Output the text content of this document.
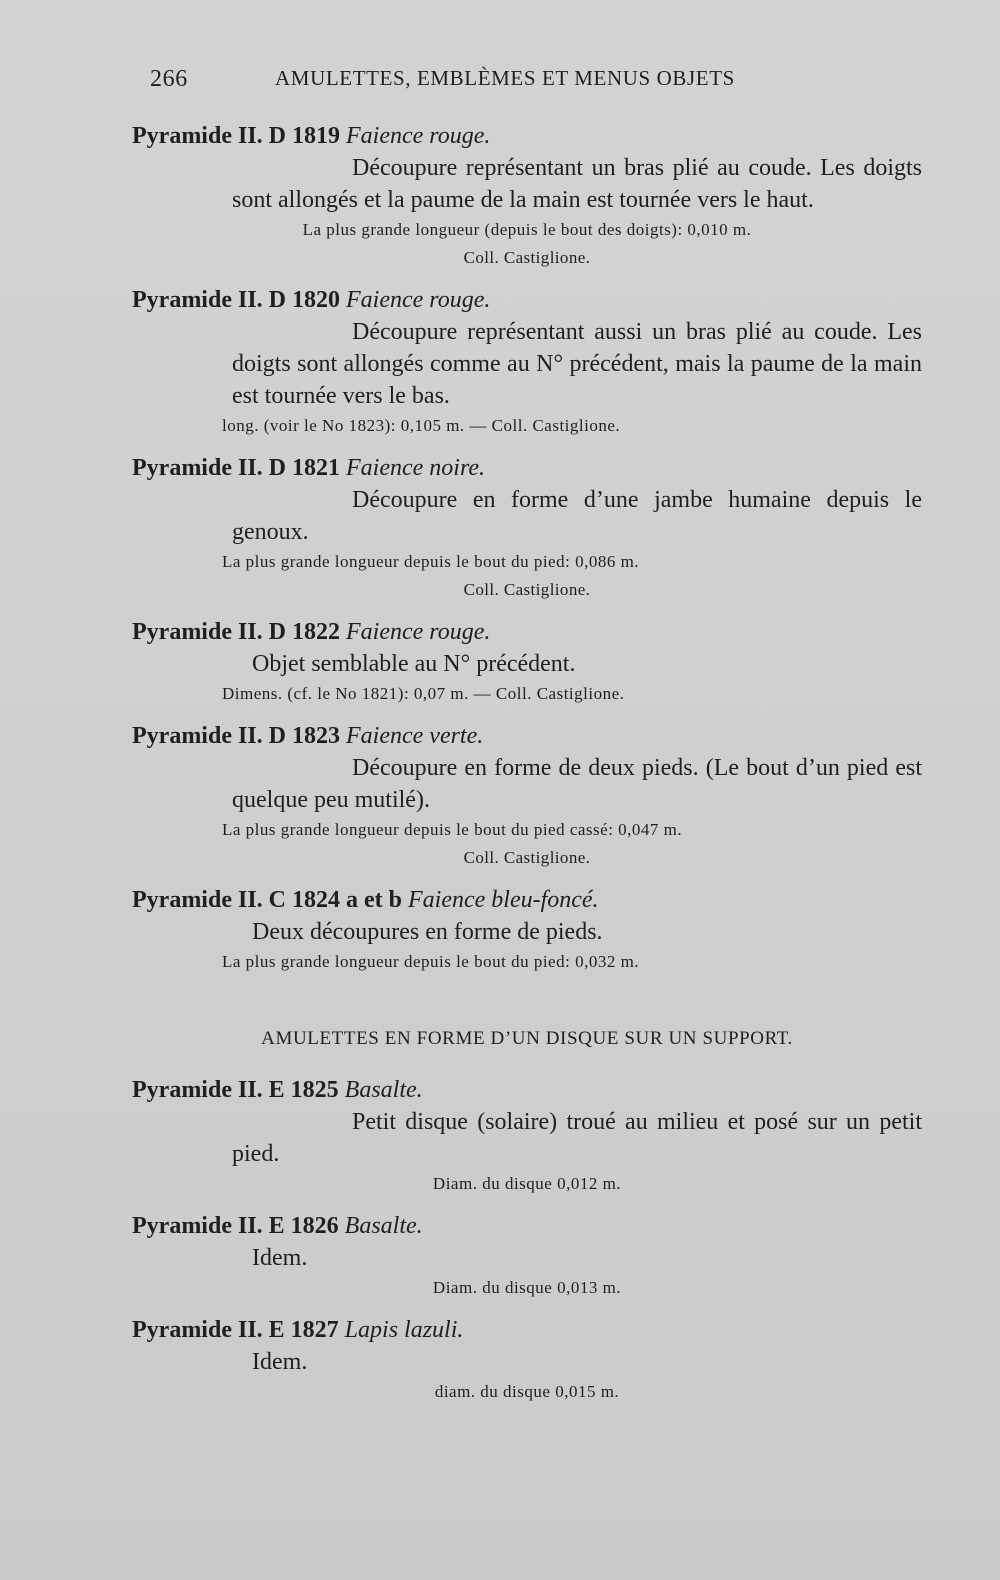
266	AMULETTES, EMBLÈMES ET MENUS OBJETS
Pyramide II. D 1819 Faience rouge.
Découpure représentant un bras plié au coude. Les doigts sont allongés et la paume de la main est tournée vers le haut.
La plus grande longueur (depuis le bout des doigts): 0,010 m.
Coll. Castiglione.
Pyramide II. D 1820 Faience rouge.
Découpure représentant aussi un bras plié au coude. Les doigts sont allongés comme au N° précédent, mais la paume de la main est tournée vers le bas.
long. (voir le No 1823): 0,105 m. — Coll. Castiglione.
Pyramide II. D 1821 Faience noire.
Découpure en forme d’une jambe humaine depuis le genoux.
La plus grande longueur depuis le bout du pied: 0,086 m.
Coll. Castiglione.
Pyramide II. D 1822 Faience rouge.
Objet semblable au N° précédent.
Dimens. (cf. le No 1821): 0,07 m. — Coll. Castiglione.
Pyramide II. D 1823 Faience verte.
Découpure en forme de deux pieds. (Le bout d’un pied est quelque peu mutilé).
La plus grande longueur depuis le bout du pied cassé: 0,047 m.
Coll. Castiglione.
Pyramide II. C 1824 a et b Faience bleu-foncé.
Deux découpures en forme de pieds.
La plus grande longueur depuis le bout du pied: 0,032 m.
AMULETTES EN FORME D’UN DISQUE SUR UN SUPPORT.
Pyramide II. E 1825 Basalte.
Petit disque (solaire) troué au milieu et posé sur un petit pied.
Diam. du disque 0,012 m.
Pyramide II. E 1826 Basalte.
Idem.
Diam. du disque 0,013 m.
Pyramide II. E 1827 Lapis lazuli.
Idem.
diam. du disque 0,015 m.
